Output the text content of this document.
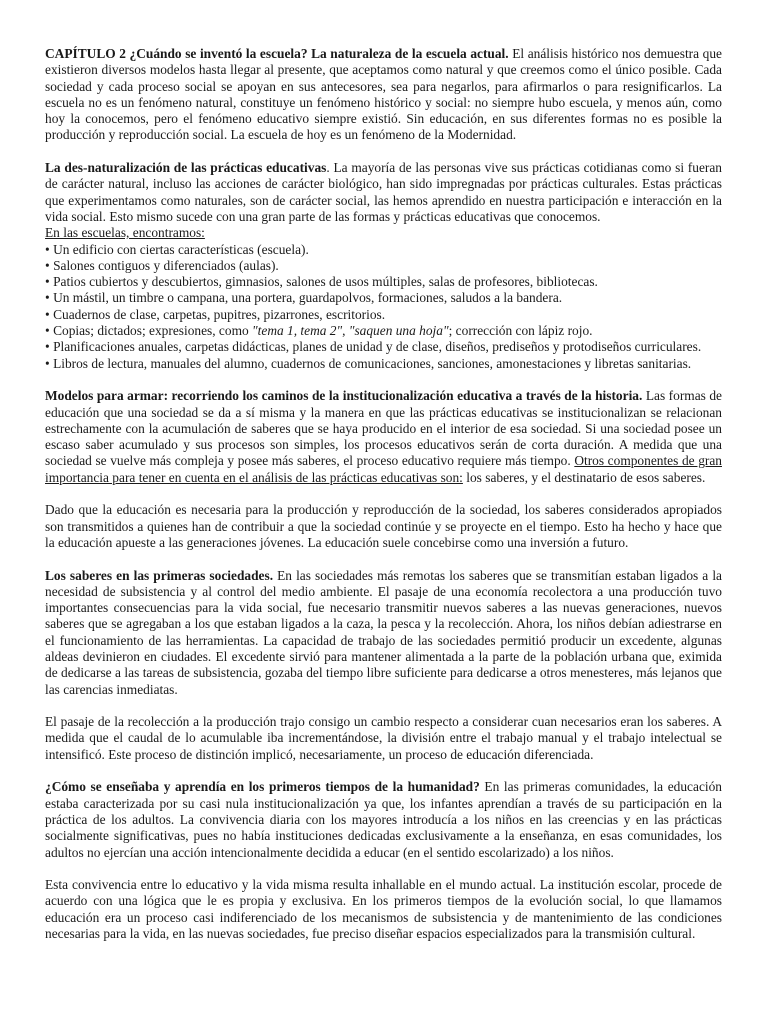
CAPÍTULO 2 ¿Cuándo se inventó la escuela? La naturaleza de la escuela actual. El análisis histórico nos demuestra que existieron diversos modelos hasta llegar al presente, que aceptamos como natural y que creemos como el único posible. Cada sociedad y cada proceso social se apoyan en sus antecesores, sea para negarlos, para afirmarlos o para resignificarlos. La escuela no es un fenómeno natural, constituye un fenómeno histórico y social: no siempre hubo escuela, y menos aún, como hoy la conocemos, pero el fenómeno educativo siempre existió. Sin educación, en sus diferentes formas no es posible la producción y reproducción social. La escuela de hoy es un fenómeno de la Modernidad.

La des-naturalización de las prácticas educativas. La mayoría de las personas vive sus prácticas cotidianas como si fueran de carácter natural, incluso las acciones de carácter biológico, han sido impregnadas por prácticas culturales. Estas prácticas que experimentamos como naturales, son de carácter social, las hemos aprendido en nuestra participación e interacción en la vida social. Esto mismo sucede con una gran parte de las formas y prácticas educativas que conocemos.
En las escuelas, encontramos:

• Un edificio con ciertas características (escuela).
• Salones contiguos y diferenciados (aulas).
• Patios cubiertos y descubiertos, gimnasios, salones de usos múltiples, salas de profesores, bibliotecas.
• Un mástil, un timbre o campana, una portera, guardapolvos, formaciones, saludos a la bandera.
• Cuadernos de clase, carpetas, pupitres, pizarrones, escritorios.
• Copias; dictados; expresiones, como "tema 1, tema 2", "saquen una hoja"; corrección con lápiz rojo.
• Planificaciones anuales, carpetas didácticas, planes de unidad y de clase, diseños, prediseños y protodiseños curriculares.
• Libros de lectura, manuales del alumno, cuadernos de comunicaciones, sanciones, amonestaciones y libretas sanitarias.

Modelos para armar: recorriendo los caminos de la institucionalización educativa a través de la historia. Las formas de educación que una sociedad se da a sí misma y la manera en que las prácticas educativas se institucionalizan se relacionan estrechamente con la acumulación de saberes que se haya producido en el interior de esa sociedad. Si una sociedad posee un escaso saber acumulado y sus procesos son simples, los procesos educativos serán de corta duración. A medida que una sociedad se vuelve más compleja y posee más saberes, el proceso educativo requiere más tiempo. Otros componentes de gran importancia para tener en cuenta en el análisis de las prácticas educativas son: los saberes, y el destinatario de esos saberes.

Dado que la educación es necesaria para la producción y reproducción de la sociedad, los saberes considerados apropiados son transmitidos a quienes han de contribuir a que la sociedad continúe y se proyecte en el tiempo. Esto ha hecho y hace que la educación apueste a las generaciones jóvenes. La educación suele concebirse como una inversión a futuro.

Los saberes en las primeras sociedades. En las sociedades más remotas los saberes que se transmitían estaban ligados a la necesidad de subsistencia y al control del medio ambiente. El pasaje de una economía recolectora a una producción tuvo importantes consecuencias para la vida social, fue necesario transmitir nuevos saberes a las nuevas generaciones, nuevos saberes que se agregaban a los que estaban ligados a la caza, la pesca y la recolección. Ahora, los niños debían adiestrarse en el funcionamiento de las herramientas. La capacidad de trabajo de las sociedades permitió producir un excedente, algunas aldeas devinieron en ciudades. El excedente sirvió para mantener alimentada a la parte de la población urbana que, eximida de dedicarse a las tareas de subsistencia, gozaba del tiempo libre suficiente para dedicarse a otros menesteres, más lejanos que las carencias inmediatas.

El pasaje de la recolección a la producción trajo consigo un cambio respecto a considerar cuan necesarios eran los saberes. A medida que el caudal de lo acumulable iba incrementándose, la división entre el trabajo manual y el trabajo intelectual se intensificó. Este proceso de distinción implicó, necesariamente, un proceso de educación diferenciada.

¿Cómo se enseñaba y aprendía en los primeros tiempos de la humanidad? En las primeras comunidades, la educación estaba caracterizada por su casi nula institucionalización ya que, los infantes aprendían a través de su participación en la práctica de los adultos. La convivencia diaria con los mayores introducía a los niños en las creencias y en las prácticas socialmente significativas, pues no había instituciones dedicadas exclusivamente a la enseñanza, en esas comunidades, los adultos no ejercían una acción intencionalmente decidida a educar (en el sentido escolarizado) a los niños.

Esta convivencia entre lo educativo y la vida misma resulta inhallable en el mundo actual. La institución escolar, procede de acuerdo con una lógica que le es propia y exclusiva. En los primeros tiempos de la evolución social, lo que llamamos educación era un proceso casi indiferenciado de los mecanismos de subsistencia y de mantenimiento de las condiciones necesarias para la vida, en las nuevas sociedades, fue preciso diseñar espacios especializados para la transmisión cultural.
